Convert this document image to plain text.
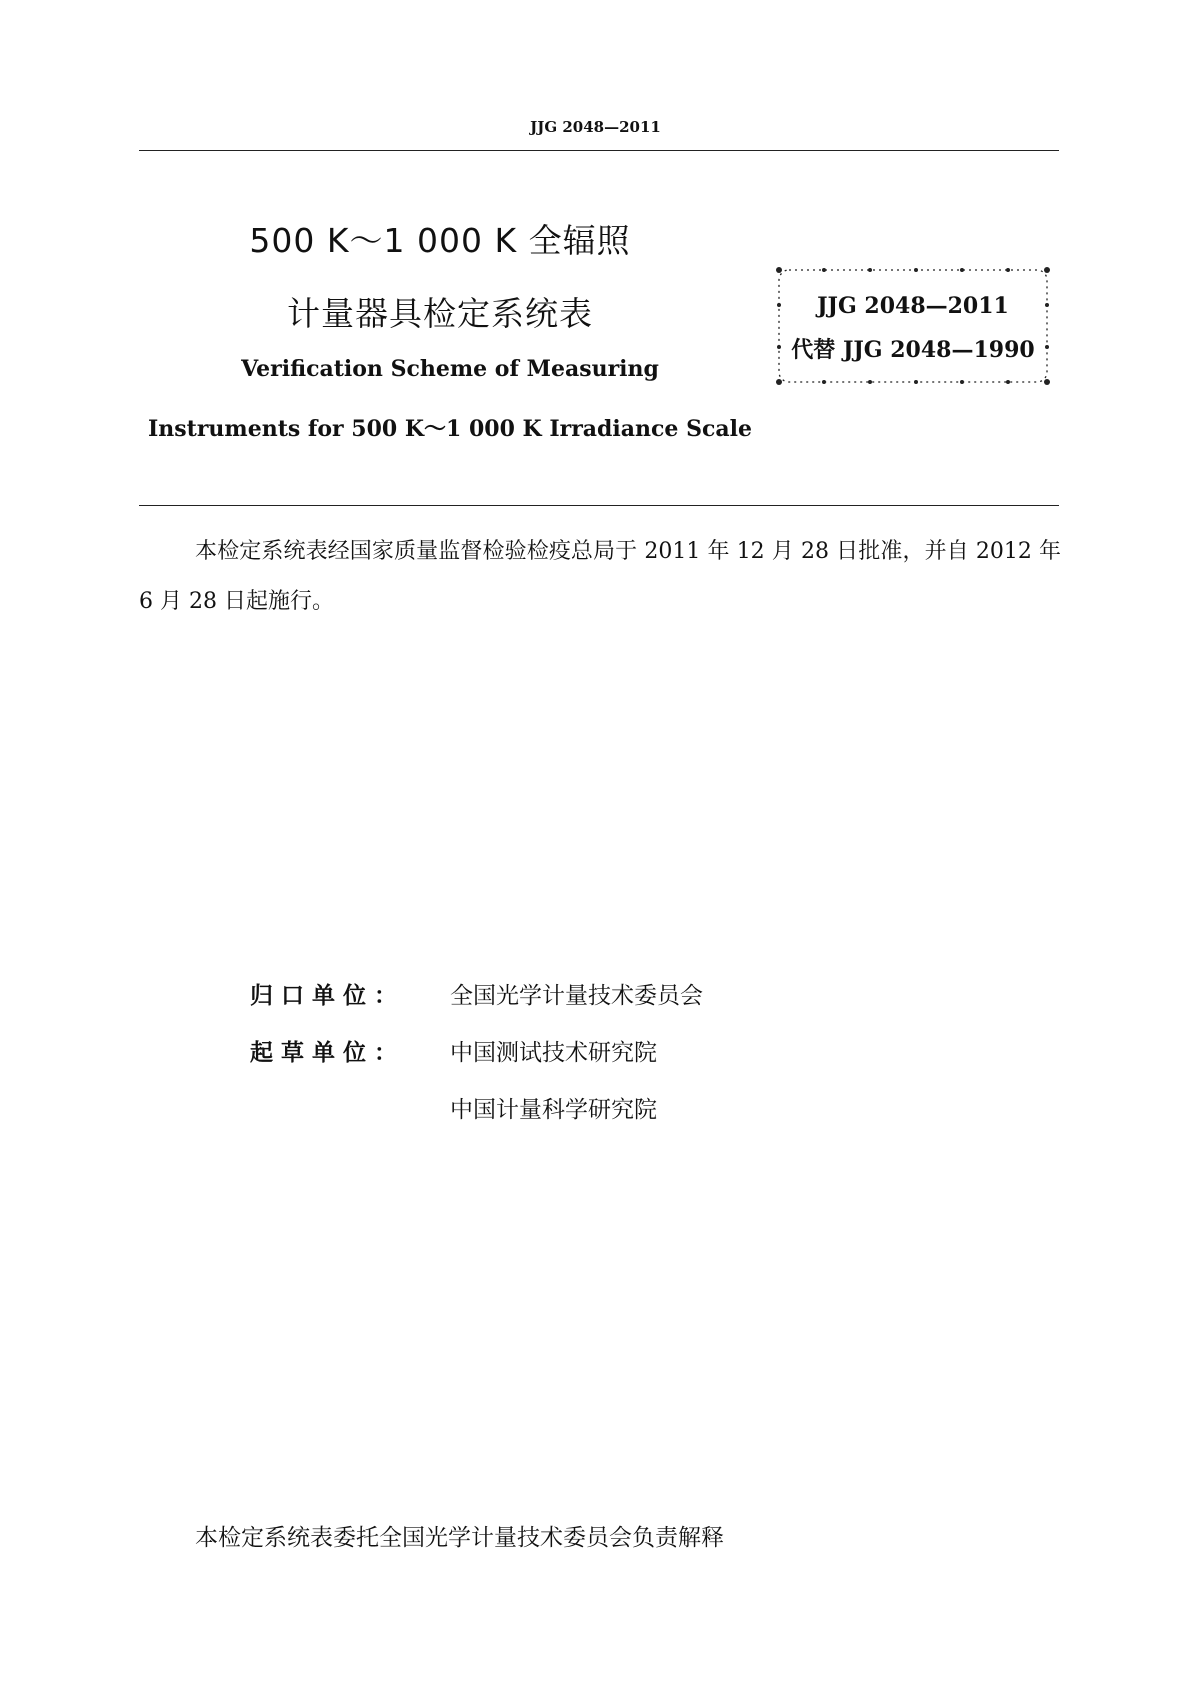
JJG 2048—2011
500 K～1 000 K 全辐照
计量器具检定系统表
Verification Scheme of Measuring
Instruments for 500 K～1 000 K Irradiance Scale
JJG 2048—2011
代替 JJG 2048—1990

本检定系统表经国家质量监督检验检疫总局于 2011 年 12 月 28 日批准，并自 2012 年 6 月 28 日起施行。

归口单位： 全国光学计量技术委员会
起草单位： 中国测试技术研究院
中国计量科学研究院
本检定系统表委托全国光学计量技术委员会负责解释
